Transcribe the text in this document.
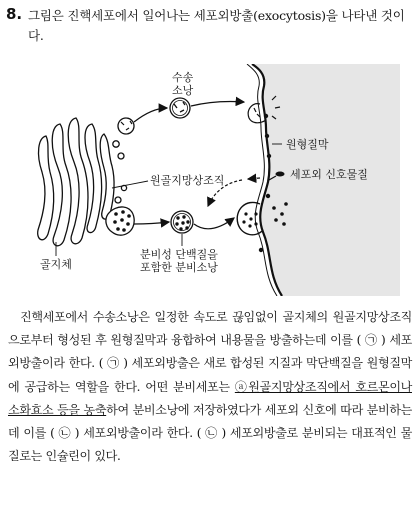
8. 그림은 진핵세포에서 일어나는 세포외방출(exocytosis)을 나타낸 것이다.
수송
소낭
원형질막
세포외 신호물질
원골지망상조직
골지체
분비성 단백질을
포함한 분비소낭
진핵세포에서 수송소낭은 일정한 속도로 끊임없이 골지체의 원골지망상조직으로부터 형성된 후 원형질막과 융합하여 내용물을 방출하는데 이를 ( ㉠ ) 세포외방출이라 한다. ( ㉠ ) 세포외방출은 새로 합성된 지질과 막단백질을 원형질막에 공급하는 역할을 한다. 어떤 분비세포는 ⓐ원골지망상조직에서 호르몬이나 소화효소 등을 농축하여 분비소낭에 저장하였다가 세포외 신호에 따라 분비하는데 이를 ( ㉡ ) 세포외방출이라 한다. ( ㉡ ) 세포외방출로 분비되는 대표적인 물질로는 인슐린이 있다.
